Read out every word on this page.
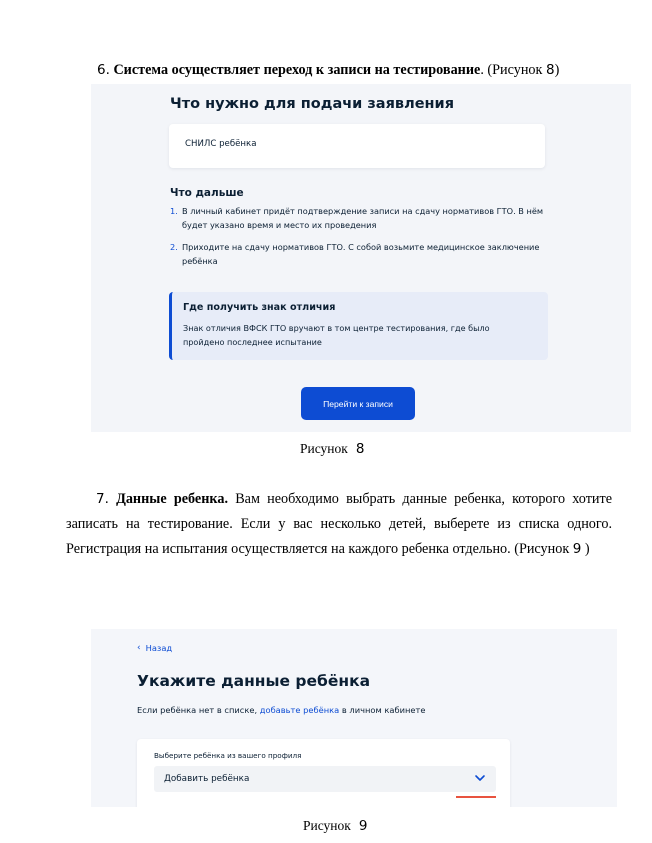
6. Система осуществляет переход к записи на тестирование. (Рисунок 8)
Что нужно для подачи заявления
СНИЛС ребёнка
Что дальше
1. В личный кабинет придёт подтверждение записи на сдачу нормативов ГТО. В нём будет указано время и место их проведения
2. Приходите на сдачу нормативов ГТО. С собой возьмите медицинское заключение ребёнка
Где получить знак отличия
Знак отличия ВФСК ГТО вручают в том центре тестирования, где было пройдено последнее испытание
Перейти к записи
Рисунок 8
7. Данные ребенка. Вам необходимо выбрать данные ребенка, которого хотите записать на тестирование. Если у вас несколько детей, выберете из списка одного. Регистрация на испытания осуществляется на каждого ребенка отдельно. (Рисунок 9 )
‹ Назад
Укажите данные ребёнка
Если ребёнка нет в списке, добавьте ребёнка в личном кабинете
Выберите ребёнка из вашего профиля
Добавить ребёнка
Рисунок 9
